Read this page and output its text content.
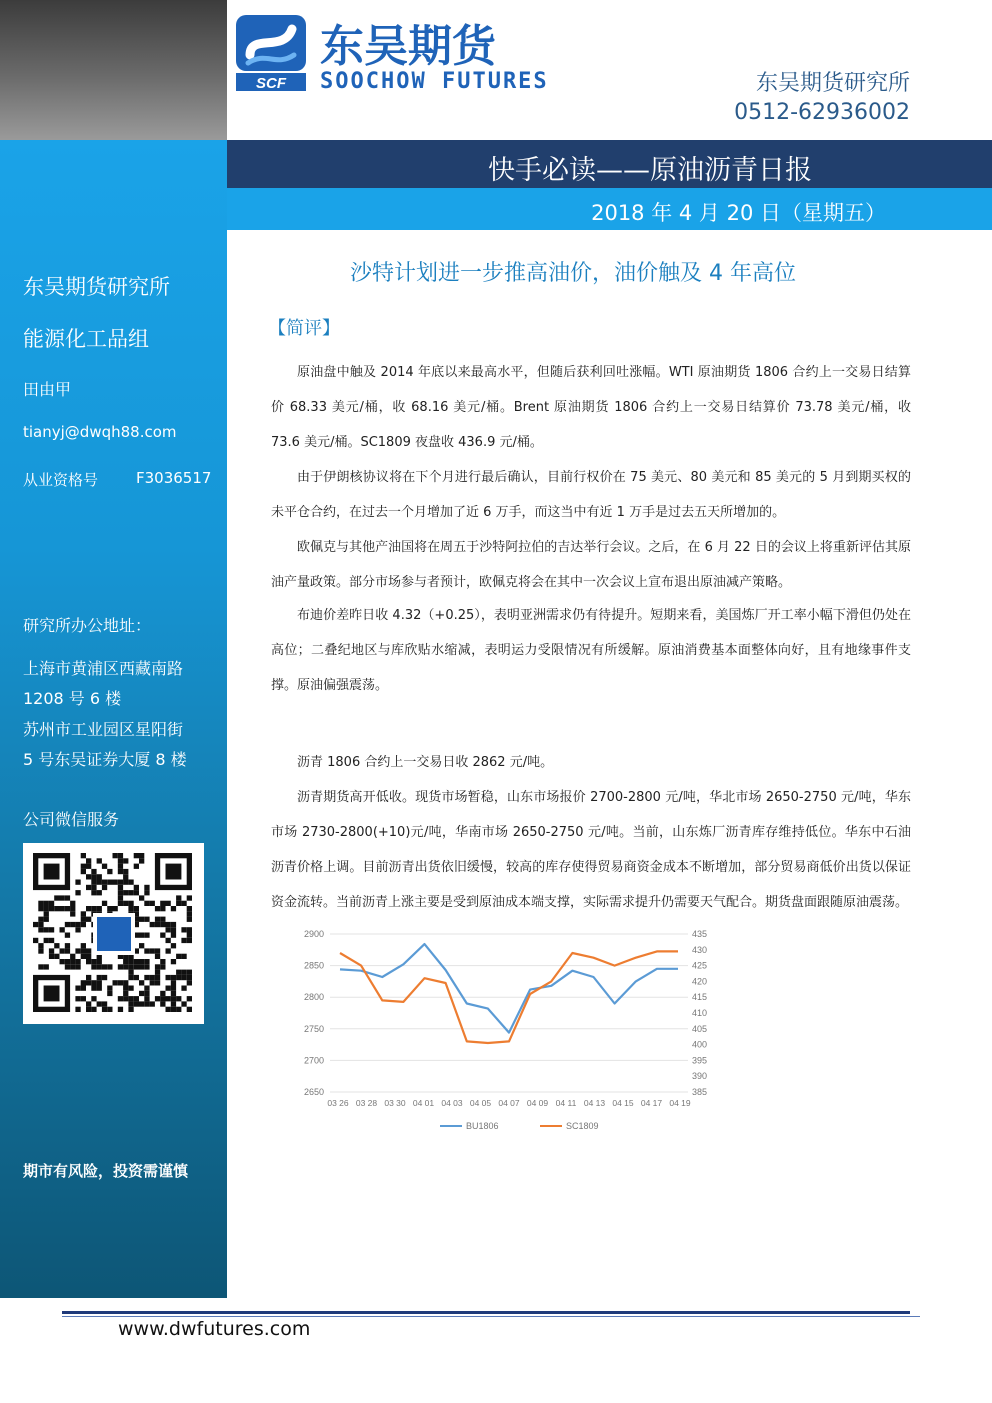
东吴期货研究所
能源化工品组
田由甲
tianyj@dwqh88.com
从业资格号	F3036517
研究所办公地址：
上海市黄浦区西藏南路
1208 号 6 楼
苏州市工业园区星阳街
5 号东吴证券大厦 8 楼
公司微信服务
期市有风险，投资需谨慎
SCF
东吴期货
SOOCHOW FUTURES	东吴期货研究所
0512-62936002
快手必读——原油沥青日报
2018 年 4 月 20 日（星期五）
沙特计划进一步推高油价，油价触及 4 年高位
【简评】

原油盘中触及 2014 年底以来最高水平，但随后获利回吐涨幅。WTI 原油期货 1806 合约上一交易日结算价 68.33 美元/桶，收 68.16 美元/桶。Brent 原油期货 1806 合约上一交易日结算价 73.78 美元/桶，收 73.6 美元/桶。SC1809 夜盘收 436.9 元/桶。

由于伊朗核协议将在下个月进行最后确认，目前行权价在 75 美元、80 美元和 85 美元的 5 月到期买权的未平仓合约，在过去一个月增加了近 6 万手，而这当中有近 1 万手是过去五天所增加的。

欧佩克与其他产油国将在周五于沙特阿拉伯的吉达举行会议。之后，在 6 月 22 日的会议上将重新评估其原油产量政策。部分市场参与者预计，欧佩克将会在其中一次会议上宣布退出原油减产策略。

布迪价差昨日收 4.32（+0.25），表明亚洲需求仍有待提升。短期来看，美国炼厂开工率小幅下滑但仍处在高位；二叠纪地区与库欣贴水缩减，表明运力受限情况有所缓解。原油消费基本面整体向好，且有地缘事件支撑。原油偏强震荡。

沥青 1806 合约上一交易日收 2862 元/吨。

沥青期货高开低收。现货市场暂稳，山东市场报价 2700-2800 元/吨，华北市场 2650-2750 元/吨，华东市场 2730-2800(+10)元/吨，华南市场 2650-2750 元/吨。当前，山东炼厂沥青库存维持低位。华东中石油沥青价格上调。目前沥青出货依旧缓慢，较高的库存使得贸易商资金成本不断增加，部分贸易商低价出货以保证资金流转。当前沥青上涨主要是受到原油成本端支撑，实际需求提升仍需要天气配合。期货盘面跟随原油震荡。

2650
2700
2750
2800
2850
2900
385
390
395
400
405
410
415
420
425
430
435
03 26 03 28 03 30 04 01 04 03 04 05 04 07 04 09 04 11 04 13 04 15 04 17 04 19
BU1806	SC1809
www.dwfutures.com
